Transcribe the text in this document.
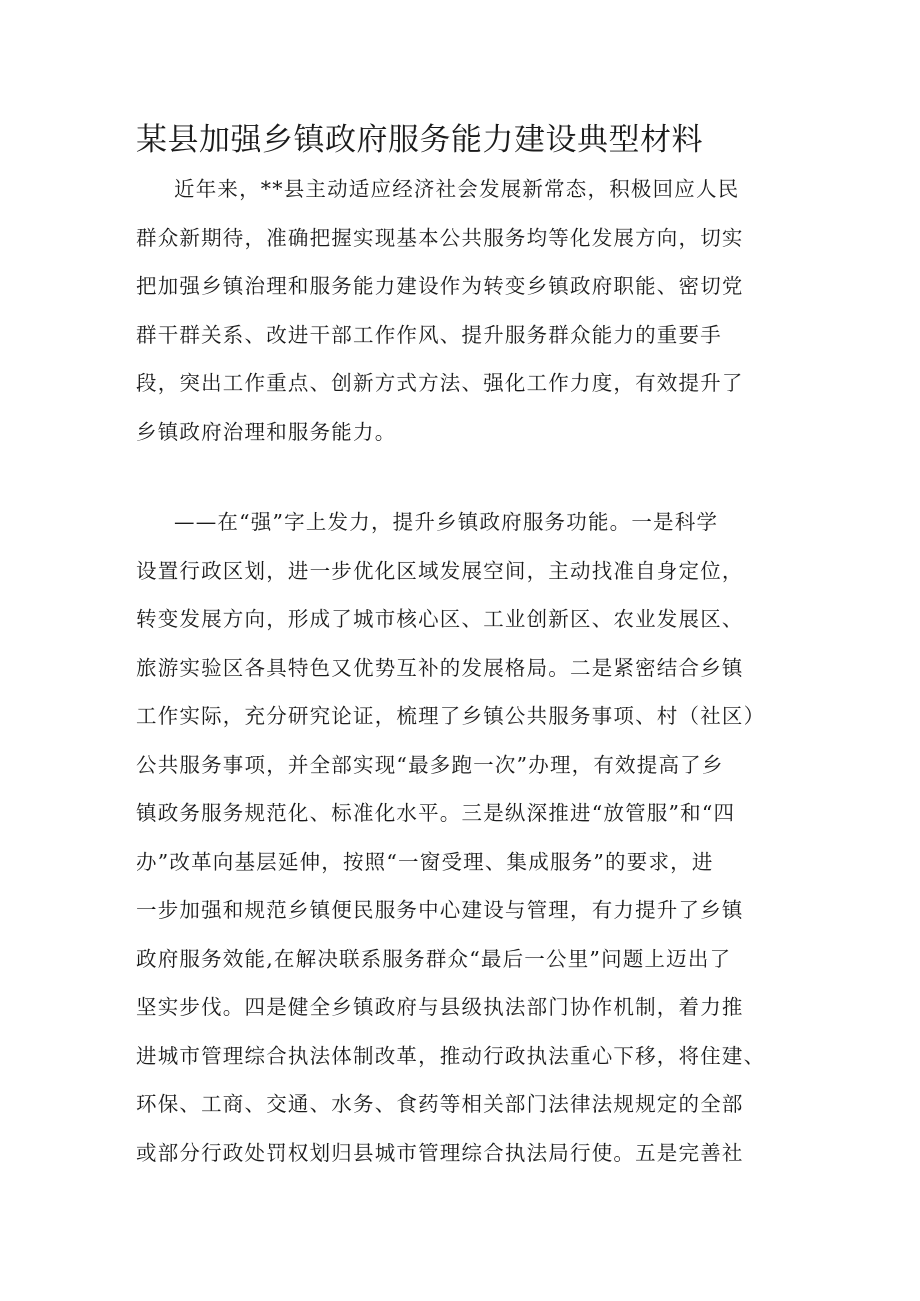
某县加强乡镇政府服务能力建设典型材料
近年来，**县主动适应经济社会发展新常态，积极回应人民
群众新期待，准确把握实现基本公共服务均等化发展方向，切实
把加强乡镇治理和服务能力建设作为转变乡镇政府职能、密切党
群干群关系、改进干部工作作风、提升服务群众能力的重要手
段，突出工作重点、创新方式方法、强化工作力度，有效提升了
乡镇政府治理和服务能力。
——在“强”字上发力，提升乡镇政府服务功能。一是科学
设置行政区划，进一步优化区域发展空间，主动找准自身定位，
转变发展方向，形成了城市核心区、工业创新区、农业发展区、
旅游实验区各具特色又优势互补的发展格局。二是紧密结合乡镇
工作实际，充分研究论证，梳理了乡镇公共服务事项、村（社区）
公共服务事项，并全部实现“最多跑一次”办理，有效提高了乡
镇政务服务规范化、标准化水平。三是纵深推进“放管服”和“四
办”改革向基层延伸，按照“一窗受理、集成服务”的要求，进
一步加强和规范乡镇便民服务中心建设与管理，有力提升了乡镇
政府服务效能,在解决联系服务群众“最后一公里”问题上迈出了
坚实步伐。四是健全乡镇政府与县级执法部门协作机制，着力推
进城市管理综合执法体制改革，推动行政执法重心下移，将住建、
环保、工商、交通、水务、食药等相关部门法律法规规定的全部
或部分行政处罚权划归县城市管理综合执法局行使。五是完善社
